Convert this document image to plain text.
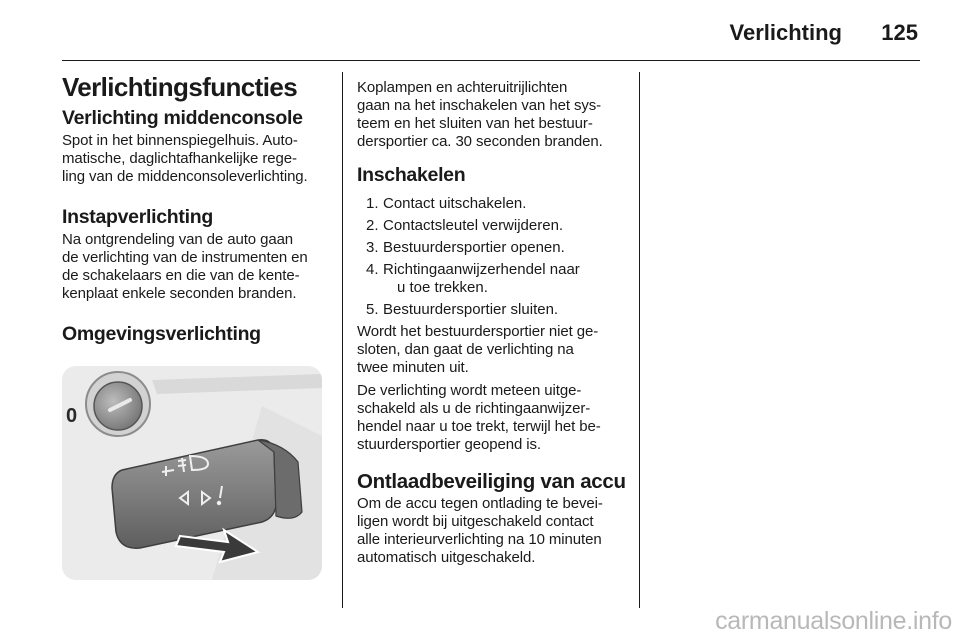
Verlichting 125
Verlichtingsfuncties
Verlichting middenconsole

Spot in het binnenspiegelhuis. Auto-

matische, daglichtafhankelijke rege-

ling van de middenconsoleverlichting.

Instapverlichting

Na ontgrendeling van de auto gaan

de verlichting van de instrumenten en

de schakelaars en die van de kente-

kenplaat enkele seconden branden.

Omgevingsverlichting
0

Koplampen en achteruitrijlichten

gaan na het inschakelen van het sys-

teem en het sluiten van het bestuur-

dersportier ca. 30 seconden branden.

Inschakelen
1. Contact uitschakelen.
2. Contactsleutel verwijderen.
3. Bestuurdersportier openen.
4. Richtingaanwijzerhendel naar
u toe trekken.
5. Bestuurdersportier sluiten.

Wordt het bestuurdersportier niet ge-

sloten, dan gaat de verlichting na

twee minuten uit.

De verlichting wordt meteen uitge-

schakeld als u de richtingaanwijzer-

hendel naar u toe trekt, terwijl het be-

stuurdersportier geopend is.

Ontlaadbeveiliging van accu

Om de accu tegen ontlading te bevei-

ligen wordt bij uitgeschakeld contact

alle interieurverlichting na 10 minuten

automatisch uitgeschakeld.

carmanualsonline.info
